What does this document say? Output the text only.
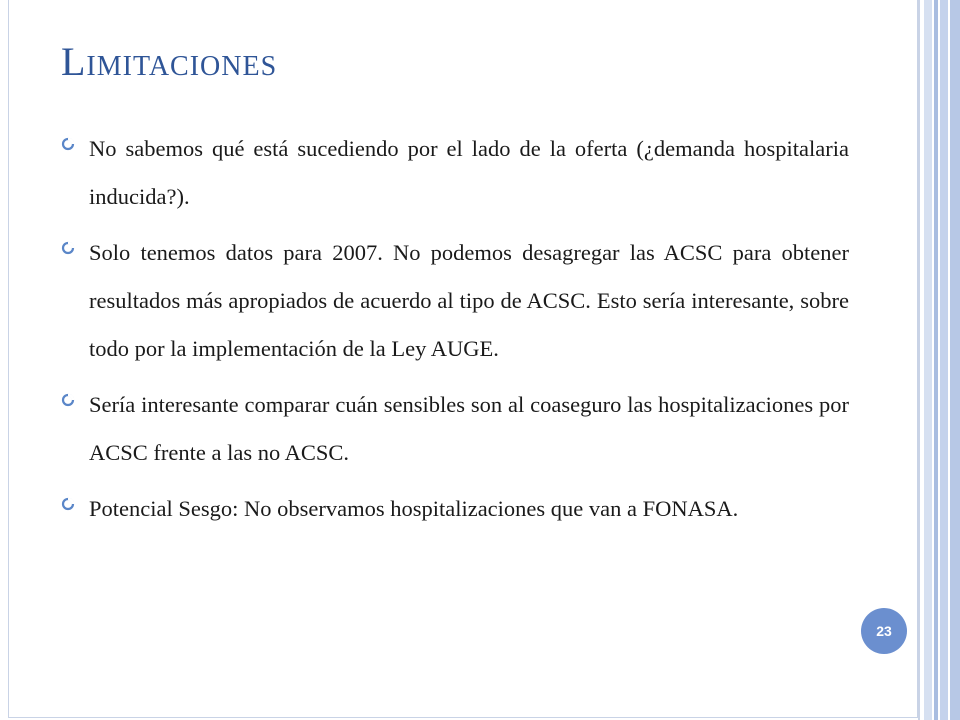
Limitaciones
No sabemos qué está sucediendo por el lado de la oferta (¿demanda hospitalaria inducida?).
Solo tenemos datos para 2007. No podemos desagregar las ACSC para obtener resultados más apropiados de acuerdo al tipo de ACSC. Esto sería interesante, sobre todo por la implementación de la Ley AUGE.
Sería interesante comparar cuán sensibles son al coaseguro las hospitalizaciones por ACSC frente a las no ACSC.
Potencial Sesgo: No observamos hospitalizaciones que van a FONASA.
23
